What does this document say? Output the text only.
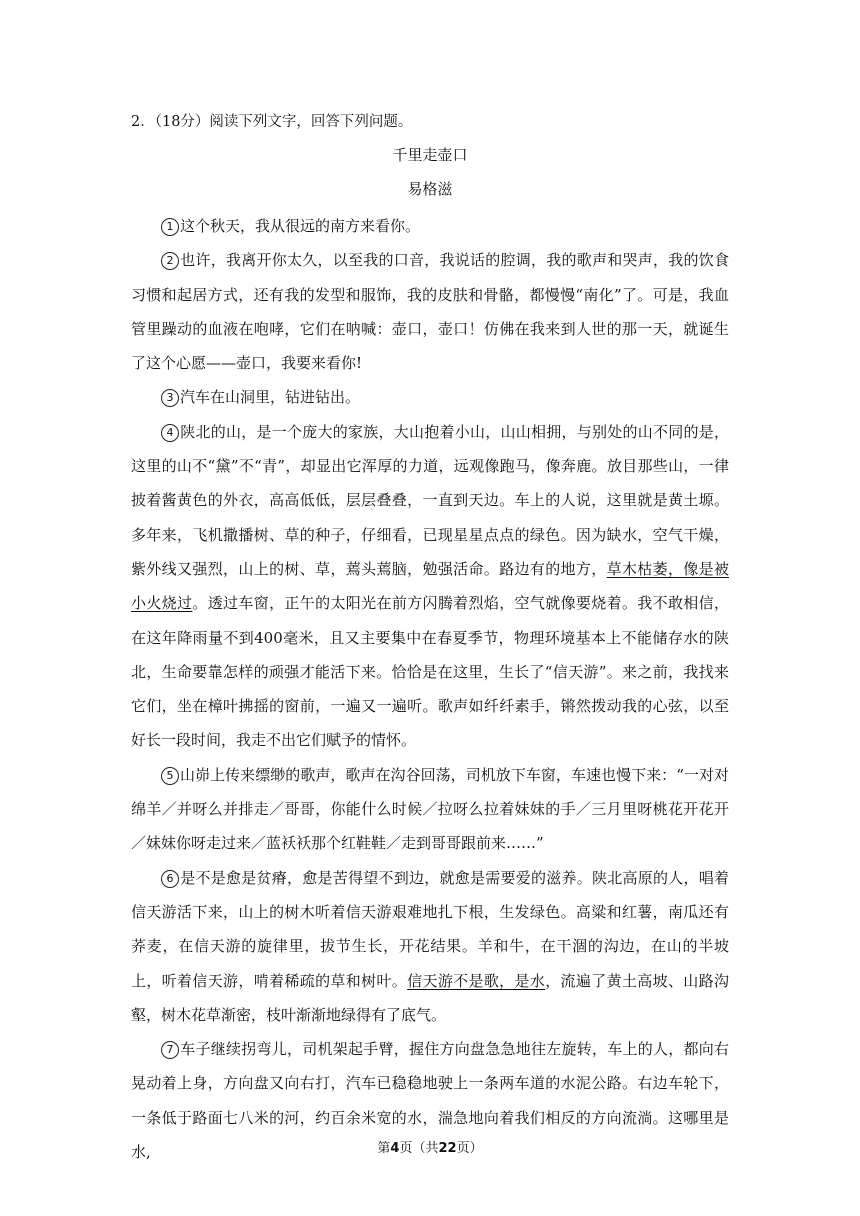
2．（18分）阅读下列文字，回答下列问题。
千里走壶口
易格滋

1 这个秋天，我从很远的南方来看你。

2 也许，我离开你太久，以至我的口音，我说话的腔调，我的歌声和哭声，我的饮食习惯和起居方式，还有我的发型和服饰，我的皮肤和骨骼，都慢慢“南化”了。可是，我血管里躁动的血液在咆哮，它们在呐喊：壶口，壶口！仿佛在我来到人世的那一天，就诞生了这个心愿——壶口，我要来看你!

3 汽车在山洞里，钻进钻出。

4 陕北的山，是一个庞大的家族，大山抱着小山，山山相拥，与别处的山不同的是，这里的山不“黛”不“青”，却显出它浑厚的力道，远观像跑马，像奔鹿。放目那些山，一律披着酱黄色的外衣，高高低低，层层叠叠，一直到天边。车上的人说，这里就是黄土塬。多年来，飞机撒播树、草的种子，仔细看，已现星星点点的绿色。因为缺水，空气干燥，紫外线又强烈，山上的树、草，蔫头蔫脑，勉强活命。路边有的地方，草木枯萎，像是被小火烧过。透过车窗，正午的太阳光在前方闪腾着烈焰，空气就像要烧着。我不敢相信，在这年降雨量不到400毫米，且又主要集中在春夏季节，物理环境基本上不能储存水的陕北，生命要靠怎样的顽强才能活下来。恰恰是在这里，生长了“信天游”。来之前，我找来它们，坐在樟叶拂摇的窗前，一遍又一遍听。歌声如纤纤素手，锵然拨动我的心弦，以至好长一段时间，我走不出它们赋予的情怀。

5 山峁上传来缥缈的歌声，歌声在沟谷回荡，司机放下车窗，车速也慢下来：“一对对绵羊／并呀么并排走／哥哥，你能什么时候／拉呀么拉着妹妹的手／三月里呀桃花开花开／妹妹你呀走过来／蓝袄袄那个红鞋鞋／走到哥哥跟前来……”

6 是不是愈是贫瘠，愈是苦得望不到边，就愈是需要爱的滋养。陕北高原的人，唱着信天游活下来，山上的树木听着信天游艰难地扎下根，生发绿色。高粱和红薯，南瓜还有荞麦，在信天游的旋律里，拔节生长，开花结果。羊和牛，在干涸的沟边，在山的半坡上，听着信天游，啃着稀疏的草和树叶。信天游不是歌，是水，流遍了黄土高坡、山路沟壑，树木花草渐密，枝叶渐渐地绿得有了底气。

7 车子继续拐弯儿，司机架起手臂，握住方向盘急急地往左旋转，车上的人，都向右晃动着上身，方向盘又向右打，汽车已稳稳地驶上一条两车道的水泥公路。右边车轮下，一条低于路面七八米的河，约百余米宽的水，湍急地向着我们相反的方向流淌。这哪里是水,	第4页（共22页）
